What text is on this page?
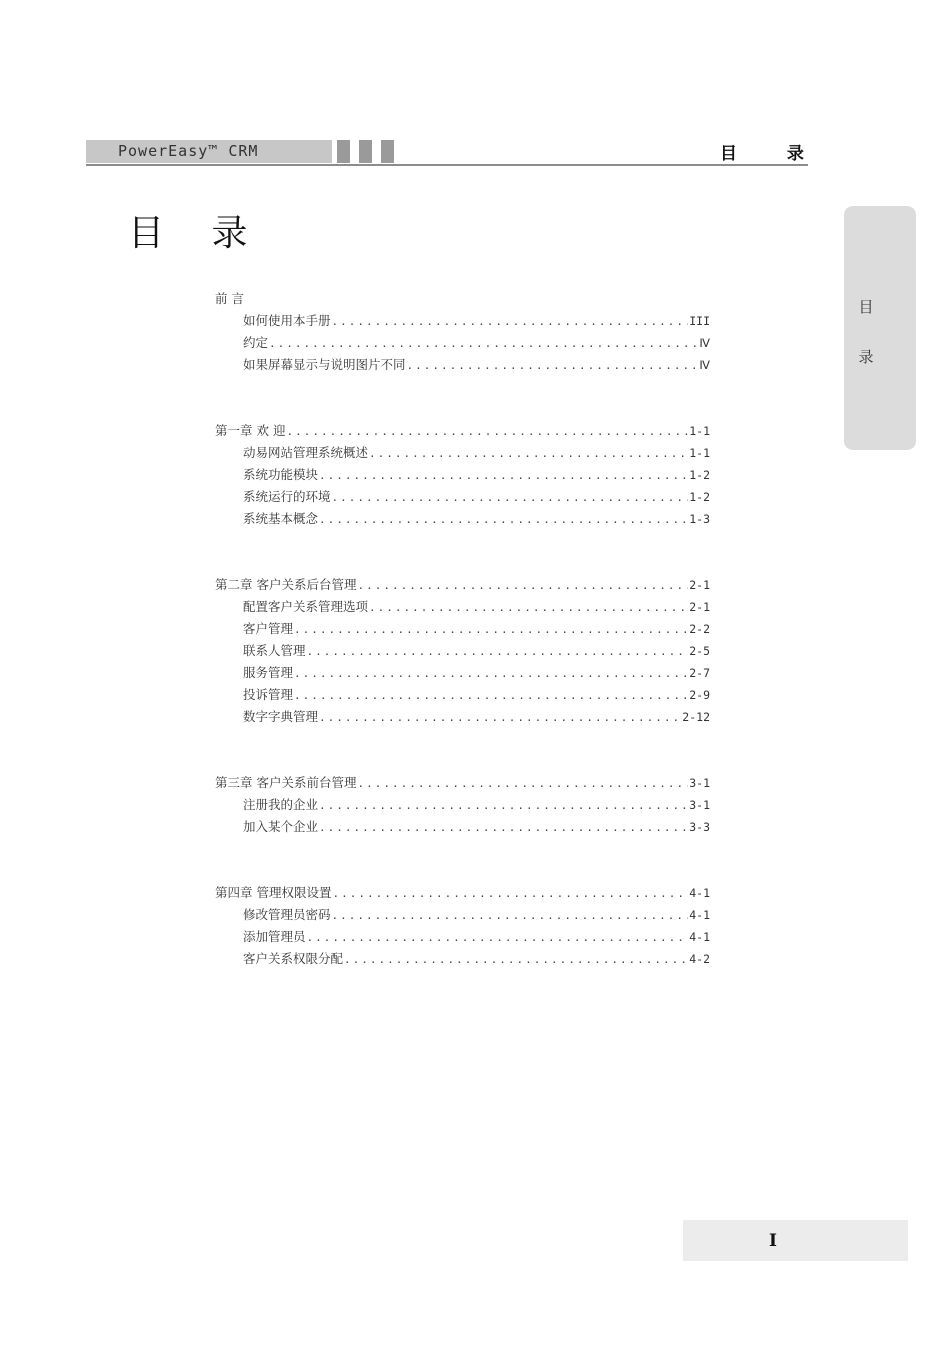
PowerEasy™ CRM	目 录
目 录
目
录
前 言
如何使用本手册 .....	III
约定 .....	Ⅳ
如果屏幕显示与说明图片不同 .....	Ⅳ
第一章 欢 迎 .....	1-1
动易网站管理系统概述 .....	1-1
系统功能模块 .....	1-2
系统运行的环境 .....	1-2
系统基本概念 .....	1-3
第二章 客户关系后台管理 .....	2-1
配置客户关系管理选项 .....	2-1
客户管理 .....	2-2
联系人管理 .....	2-5
服务管理 .....	2-7
投诉管理 .....	2-9
数字字典管理 .....	2-12
第三章 客户关系前台管理 .....	3-1
注册我的企业 .....	3-1
加入某个企业 .....	3-3
第四章 管理权限设置 .....	4-1
修改管理员密码 .....	4-1
添加管理员 .....	4-1
客户关系权限分配 .....	4-2
I
